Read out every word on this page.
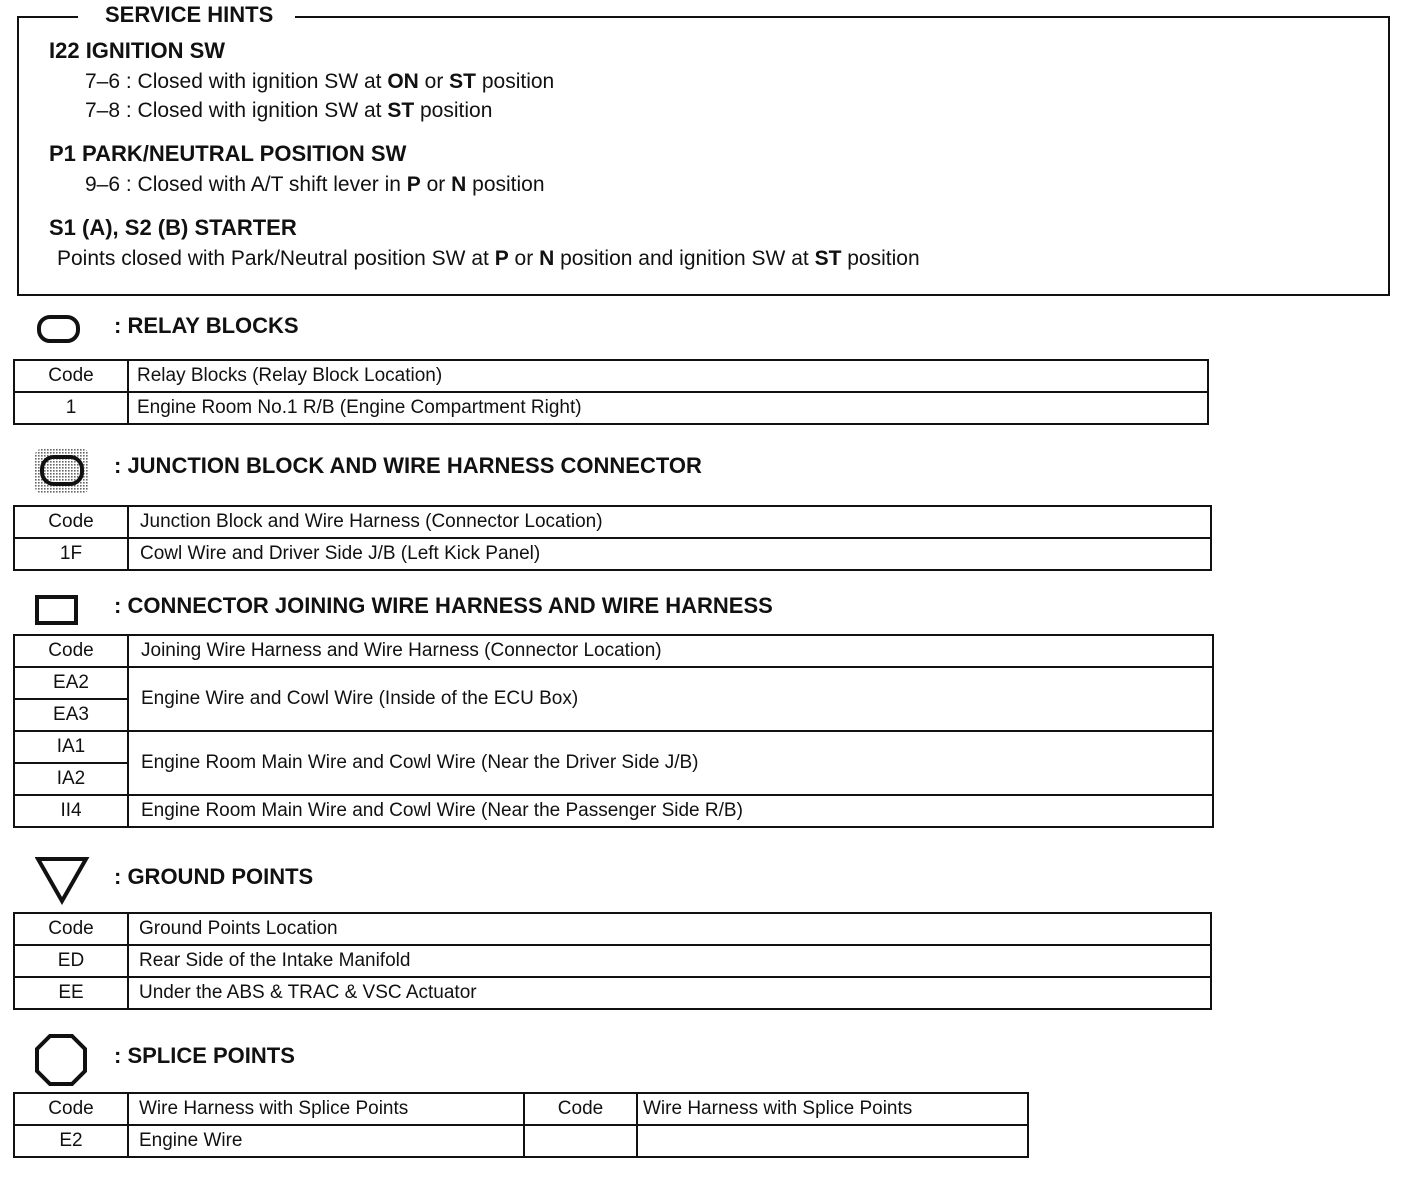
SERVICE HINTS
I22 IGNITION SW
7–6 : Closed with ignition SW at ON or ST position
7–8 : Closed with ignition SW at ST position
P1 PARK/NEUTRAL POSITION SW
9–6 : Closed with A/T shift lever in P or N position
S1 (A), S2 (B) STARTER
Points closed with Park/Neutral position SW at P or N position and ignition SW at ST position
: RELAY BLOCKS
Code	Relay Blocks (Relay Block Location)
1	Engine Room No.1 R/B (Engine Compartment Right)
: JUNCTION BLOCK AND WIRE HARNESS CONNECTOR
Code	Junction Block and Wire Harness (Connector Location)
1F	Cowl Wire and Driver Side J/B (Left Kick Panel)
: CONNECTOR JOINING WIRE HARNESS AND WIRE HARNESS
Code	Joining Wire Harness and Wire Harness (Connector Location)
EA2	Engine Wire and Cowl Wire (Inside of the ECU Box)
EA3	
IA1	Engine Room Main Wire and Cowl Wire (Near the Driver Side J/B)
IA2	
II4	Engine Room Main Wire and Cowl Wire (Near the Passenger Side R/B)
: GROUND POINTS
Code	Ground Points Location
ED	Rear Side of the Intake Manifold
EE	Under the ABS & TRAC & VSC Actuator
: SPLICE POINTS
Code	Wire Harness with Splice Points	Code	Wire Harness with Splice Points
E2	Engine Wire		
